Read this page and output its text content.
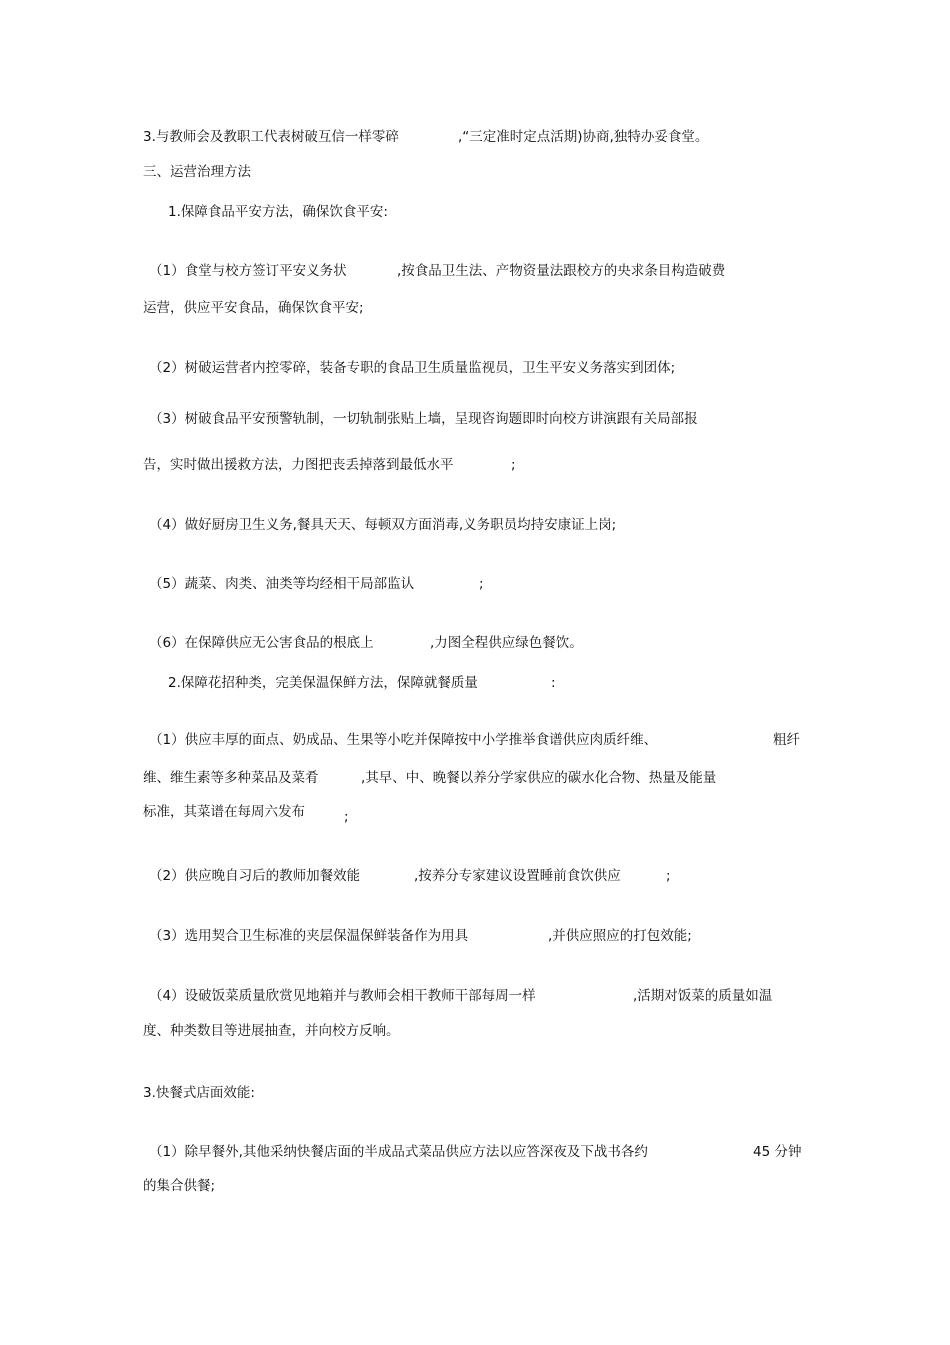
3.与教师会及教职工代表树破互信一样零碎	,“三定准时定点活期)协商,独特办妥食堂。
三、运营治理方法
1.保障食品平安方法，确保饮食平安:
（1）食堂与校方签订平安义务状	,按食品卫生法、产物资量法跟校方的央求条目构造破费
运营，供应平安食品，确保饮食平安;
（2）树破运营者内控零碎，装备专职的食品卫生质量监视员，卫生平安义务落实到团体;
（3）树破食品平安预警轨制，一切轨制张贴上墙，呈现咨询题即时向校方讲演跟有关局部报
告，实时做出援救方法，力图把丧丢掉落到最低水平	;
（4）做好厨房卫生义务,餐具天天、每顿双方面消毒,义务职员均持安康证上岗;
（5）蔬菜、肉类、油类等均经相干局部监认	;
（6）在保障供应无公害食品的根底上	,力图全程供应绿色餐饮。
2.保障花招种类，完美保温保鲜方法，保障就餐质量	:
（1）供应丰厚的面点、奶成品、生果等小吃并保障按中小学推举食谱供应肉质纤维、	粗纤
维、维生素等多种菜品及菜肴	,其早、中、晚餐以养分学家供应的碳水化合物、热量及能量
标准，其菜谱在每周六发布	;
（2）供应晚自习后的教师加餐效能	,按养分专家建议设置睡前食饮供应	;
（3）选用契合卫生标准的夹层保温保鲜装备作为用具	,并供应照应的打包效能;
（4）设破饭菜质量欣赏见地箱并与教师会相干教师干部每周一样	,活期对饭菜的质量如温
度、种类数目等进展抽查，并向校方反响。
3.快餐式店面效能:
（1）除早餐外,其他采纳快餐店面的半成品式菜品供应方法以应答深夜及下战书各约	45 分钟
的集合供餐;
